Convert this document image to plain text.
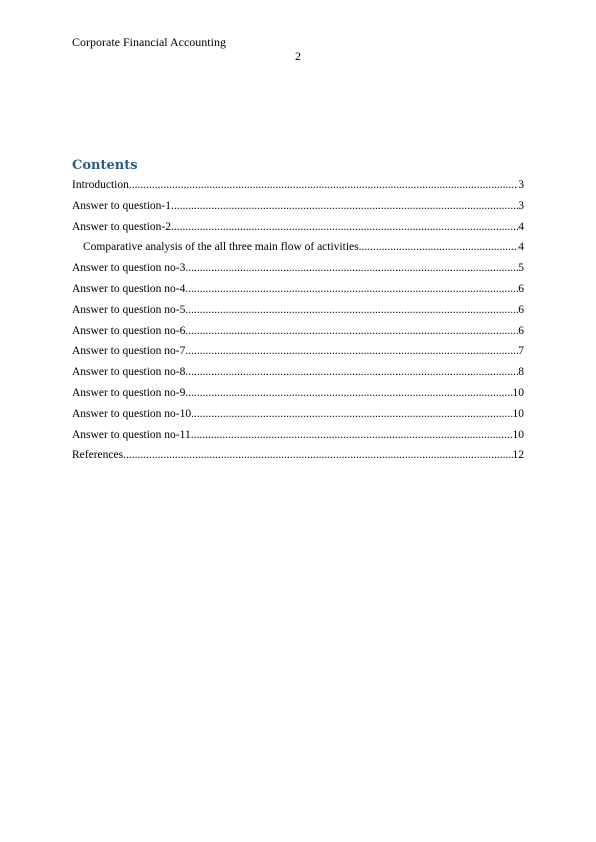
Corporate Financial Accounting
2
Contents
Introduction .....	3
Answer to question-1 .....	3
Answer to question-2 .....	4
Comparative analysis of the all three main flow of activities .....	4
Answer to question no-3 .....	5
Answer to question no-4 .....	6
Answer to question no-5 .....	6
Answer to question no-6 .....	6
Answer to question no-7 .....	7
Answer to question no-8 .....	8
Answer to question no-9 .....	10
Answer to question no-10 .....	10
Answer to question no-11 .....	10
References .....	12
